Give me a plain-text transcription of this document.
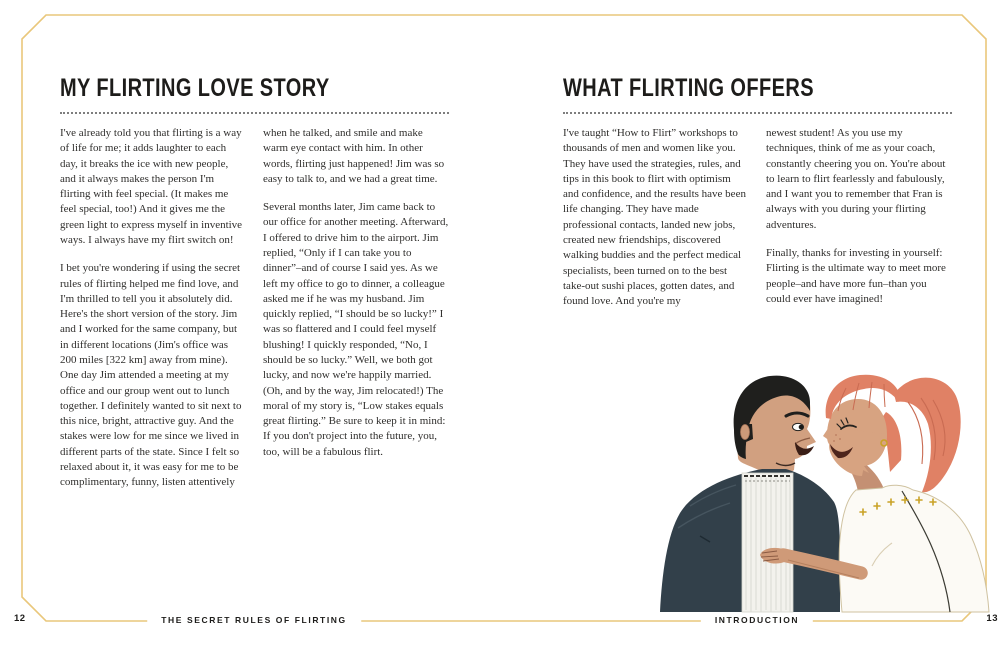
MY FLIRTING LOVE STORY

I've already told you that flirting is a way of life for me; it adds laughter to each day, it breaks the ice with new people, and it always makes the person I'm flirting with feel special. (It makes me feel special, too!) And it gives me the green light to express myself in inventive ways. I always have my flirt switch on!

I bet you're wondering if using the secret rules of flirting helped me find love, and I'm thrilled to tell you it absolutely did. Here's the short version of the story. Jim and I worked for the same company, but in different locations (Jim's office was 200 miles [322 km] away from mine). One day Jim attended a meeting at my office and our group went out to lunch together. I definitely wanted to sit next to this nice, bright, attractive guy. And the stakes were low for me since we lived in different parts of the state. Since I felt so relaxed about it, it was easy for me to be complimentary, funny, listen attentively

when he talked, and smile and make warm eye contact with him. In other words, flirting just happened! Jim was so easy to talk to, and we had a great time.

Several months later, Jim came back to our office for another meeting. Afterward, I offered to drive him to the airport. Jim replied, “Only if I can take you to dinner”–and of course I said yes. As we left my office to go to dinner, a colleague asked me if he was my husband. Jim quickly replied, “I should be so lucky!” I was so flattered and I could feel myself blushing! I quickly responded, “No, I should be so lucky.” Well, we both got lucky, and now we're happily married. (Oh, and by the way, Jim relocated!) The moral of my story is, “Low stakes equals great flirting.” Be sure to keep it in mind: If you don't project into the future, you, too, will be a fabulous flirt.

WHAT FLIRTING OFFERS

I've taught “How to Flirt” workshops to thousands of men and women like you. They have used the strategies, rules, and tips in this book to flirt with optimism and confidence, and the results have been life changing. They have made professional contacts, landed new jobs, created new friendships, discovered walking buddies and the perfect medical specialists, been turned on to the best take-out sushi places, gotten dates, and found love. And you're my

newest student! As you use my techniques, think of me as your coach, constantly cheering you on. You're about to learn to flirt fearlessly and fabulously, and I want you to remember that Fran is always with you during your flirting adventures.

Finally, thanks for investing in yourself: Flirting is the ultimate way to meet more people–and have more fun–than you could ever have imagined!

THE SECRET RULES OF FLIRTING	INTRODUCTION
12	13
